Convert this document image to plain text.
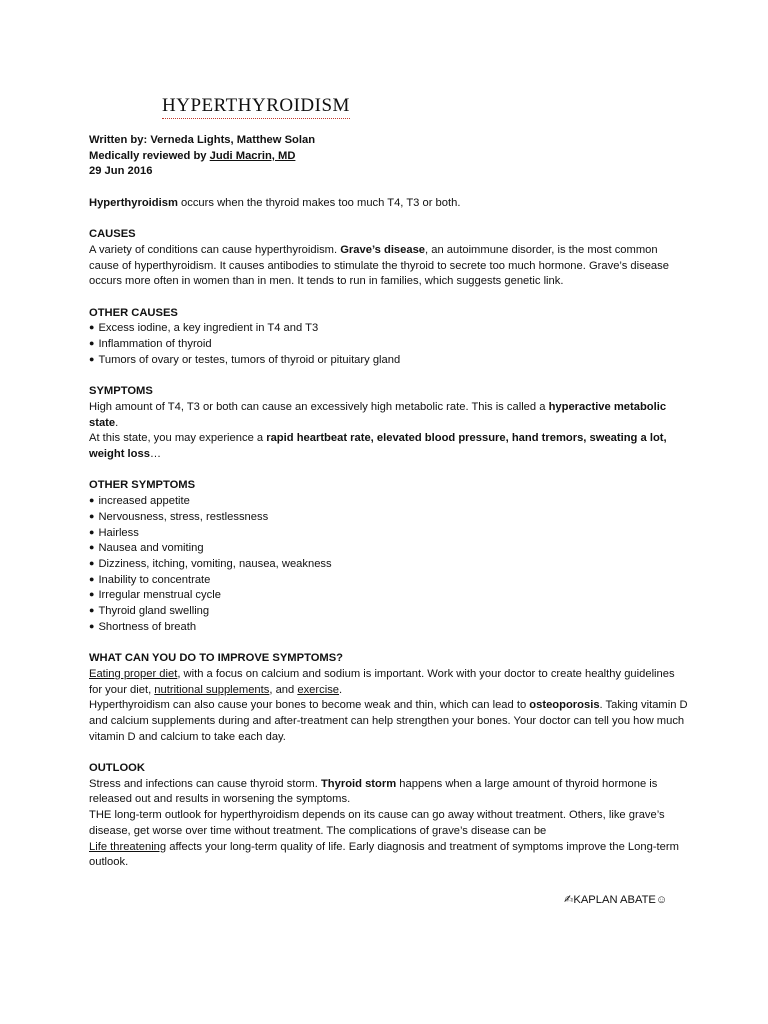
HYPERTHYROIDISM

Written by: Verneda Lights, Matthew Solan

Medically reviewed by Judi Macrin, MD

29 Jun 2016

Hyperthyroidism occurs when the thyroid makes too much T4, T3 or both.

CAUSES

A variety of conditions can cause hyperthyroidism. Grave’s disease, an autoimmune disorder, is the most common cause of hyperthyroidism. It causes antibodies to stimulate the thyroid to secrete too much hormone. Grave’s disease occurs more often in women than in men. It tends to run in families, which suggests genetic link.

OTHER CAUSES

● Excess iodine, a key ingredient in T4 and T3
● Inflammation of thyroid
● Tumors of ovary or testes, tumors of thyroid or pituitary gland

SYMPTOMS

High amount of T4, T3 or both can cause an excessively high metabolic rate. This is called a hyperactive metabolic state.

At this state, you may experience a rapid heartbeat rate, elevated blood pressure, hand tremors, sweating a lot, weight loss…

OTHER SYMPTOMS

● increased appetite
● Nervousness, stress, restlessness
● Hairless
● Nausea and vomiting
● Dizziness, itching, vomiting, nausea, weakness
● Inability to concentrate
● Irregular menstrual cycle
● Thyroid gland swelling
● Shortness of breath

WHAT CAN YOU DO TO IMPROVE SYMPTOMS?

Eating proper diet, with a focus on calcium and sodium is important. Work with your doctor to create healthy guidelines for your diet, nutritional supplements, and exercise.

Hyperthyroidism can also cause your bones to become weak and thin, which can lead to osteoporosis. Taking vitamin D and calcium supplements during and after-treatment can help strengthen your bones. Your doctor can tell you how much vitamin D and calcium to take each day.

OUTLOOK

Stress and infections can cause thyroid storm. Thyroid storm happens when a large amount of thyroid hormone is released out and results in worsening the symptoms.

THE long-term outlook for hyperthyroidism depends on its cause can go away without treatment. Others, like grave’s disease, get worse over time without treatment. The complications of grave’s disease can be

Life threatening affects your long-term quality of life. Early diagnosis and treatment of symptoms improve the Long-term outlook.

✍KAPLAN ABATE☺
